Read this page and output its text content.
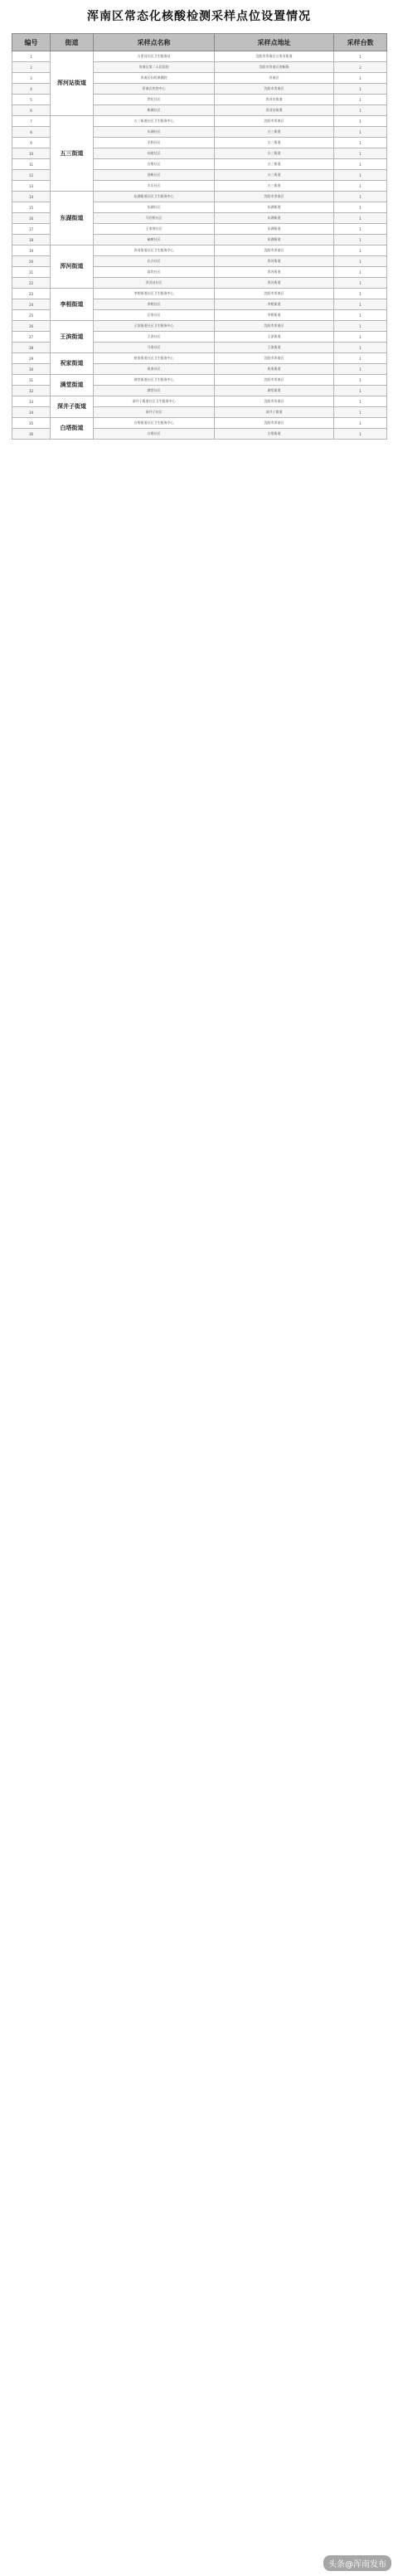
浑南区常态化核酸检测采样点位设置情况
编号	街道	采样点名称	采样点地址	采样台数
1	浑河站街道	五里河社区卫生服务站	沈阳市浑南区五里河街道	1
2		浑南区第二人民医院	沈阳市浑南区创新路	2
3		浑南区妇幼保健院	浑南区	1
4		浑南区疾控中心	沈阳市浑南区	1
5		世纪社区	浑河站街道	1
6		新城社区	浑河站街道	1
7	五三街道	五三街道社区卫生服务中心	沈阳市浑南区	1
8		东湖社区	五三街道	1
9		学府社区	五三街道	1
10		东陵社区	五三街道	1
11		白塔社区	五三街道	1
12		创新社区	五三街道	1
13		丰乐社区	五三街道	1
14	东湖街道	东湖街道社区卫生服务中心	沈阳市浑南区	1
15		东湖社区	东湖街道	1
16		马官桥社区	东湖街道	1
17		王家湾社区	东湖街道	1
18		榆树社区	东湖街道	1
19	浑河街道	浑河街道社区卫生服务中心	沈阳市浑南区	1
20		长白社区	浑河街道	1
21		高坎社区	浑河街道	1
22		浑河站社区	浑河街道	1
23	李相街道	李相街道社区卫生服务中心	沈阳市浑南区	1
24		李相社区	李相街道	1
25		汪家社区	李相街道	1
26	王滨街道	王滨街道社区卫生服务中心	沈阳市浑南区	1
27		王滨社区	王滨街道	1
28		马家社区	王滨街道	1
29	祝家街道	祝家街道社区卫生服务中心	沈阳市浑南区	1
30		祝家社区	祝家街道	1
31	满堂街道	满堂街道社区卫生服务中心	沈阳市浑南区	1
32		满堂社区	满堂街道	1
33	深井子街道	深井子街道社区卫生服务中心	沈阳市浑南区	1
34		深井子社区	深井子街道	1
35	白塔街道	白塔街道社区卫生服务中心	沈阳市浑南区	1
36		白塔社区	白塔街道	1
头条@浑南发布
